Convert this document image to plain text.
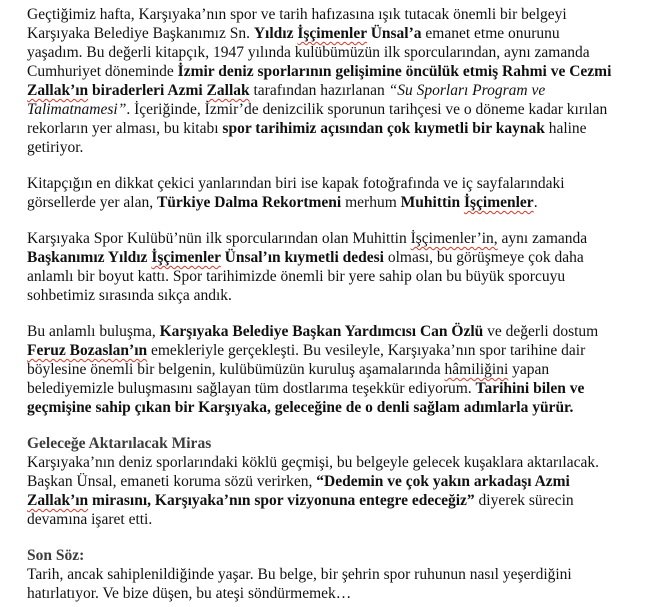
Geçtiğimiz hafta, Karşıyaka’nın spor ve tarih hafızasına ışık tutacak önemli bir belgeyi
Karşıyaka Belediye Başkanımız Sn. Yıldız İşçimenler Ünsal’a emanet etme onurunu
yaşadım. Bu değerli kitapçık, 1947 yılında kulübümüzün ilk sporcularından, aynı zamanda
Cumhuriyet döneminde İzmir deniz sporlarının gelişimine öncülük etmiş Rahmi ve Cezmi
Zallak’ın biraderleri Azmi Zallak tarafından hazırlanan “Su Sporları Program ve
Talimatnamesi”. İçeriğinde, İzmir’de denizcilik sporunun tarihçesi ve o döneme kadar kırılan
rekorların yer alması, bu kitabı spor tarihimiz açısından çok kıymetli bir kaynak haline
getiriyor.
Kitapçığın en dikkat çekici yanlarından biri ise kapak fotoğrafında ve iç sayfalarındaki
görsellerde yer alan, Türkiye Dalma Rekortmeni merhum Muhittin İşçimenler.
Karşıyaka Spor Kulübü’nün ilk sporcularından olan Muhittin İşçimenler’in, aynı zamanda
Başkanımız Yıldız İşçimenler Ünsal’ın kıymetli dedesi olması, bu görüşmeye çok daha
anlamlı bir boyut kattı. Spor tarihimizde önemli bir yere sahip olan bu büyük sporcuyu
sohbetimiz sırasında sıkça andık.
Bu anlamlı buluşma, Karşıyaka Belediye Başkan Yardımcısı Can Özlü ve değerli dostum
Feruz Bozaslan’ın emekleriyle gerçekleşti. Bu vesileyle, Karşıyaka’nın spor tarihine dair
böylesine önemli bir belgenin, kulübümüzün kuruluş aşamalarında hâmiliğini yapan
belediyemizle buluşmasını sağlayan tüm dostlarıma teşekkür ediyorum. Tarihini bilen ve
geçmişine sahip çıkan bir Karşıyaka, geleceğine de o denli sağlam adımlarla yürür.
Geleceğe Aktarılacak Miras
Karşıyaka’nın deniz sporlarındaki köklü geçmişi, bu belgeyle gelecek kuşaklara aktarılacak.
Başkan Ünsal, emaneti koruma sözü verirken, “Dedemin ve çok yakın arkadaşı Azmi
Zallak’ın mirasını, Karşıyaka’nın spor vizyonuna entegre edeceğiz” diyerek sürecin
devamına işaret etti.
Son Söz:
Tarih, ancak sahiplenildiğinde yaşar. Bu belge, bir şehrin spor ruhunun nasıl yeşerdiğini
hatırlatıyor. Ve bize düşen, bu ateşi söndürmemek…
